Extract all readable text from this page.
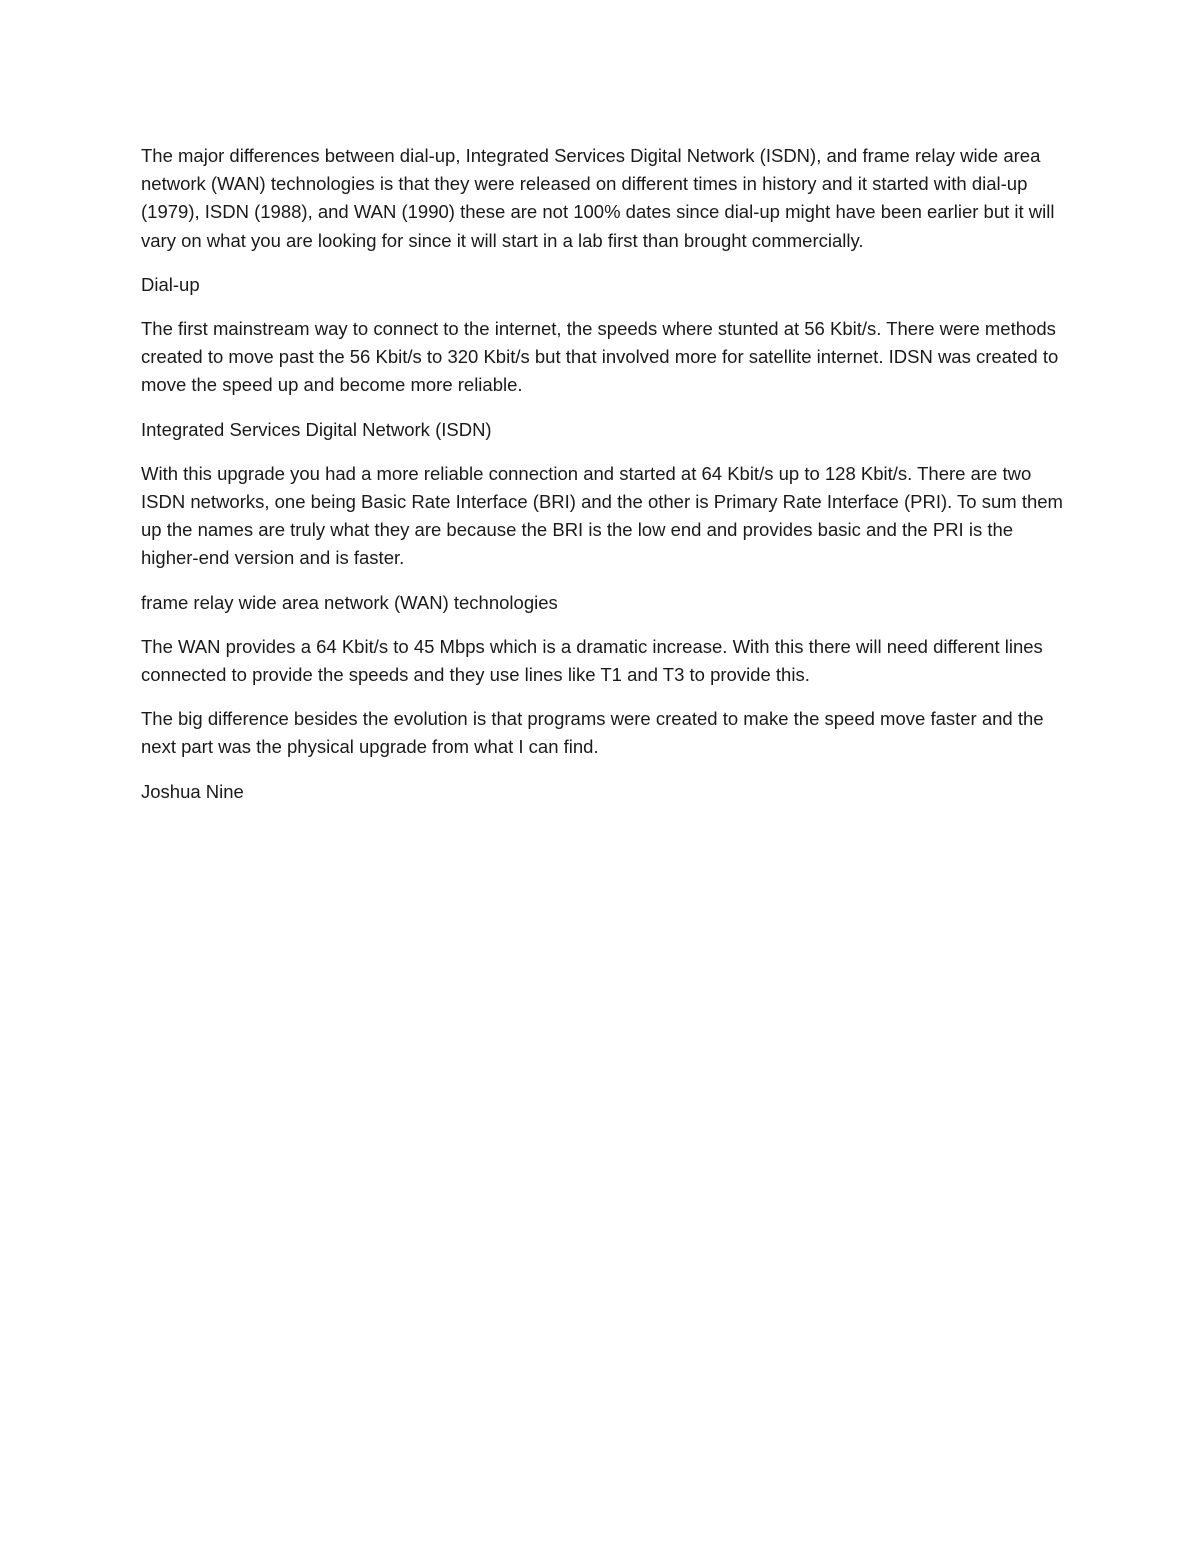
The major differences between dial-up, Integrated Services Digital Network (ISDN), and frame relay wide area network (WAN) technologies is that they were released on different times in history and it started with dial-up (1979), ISDN (1988), and WAN (1990) these are not 100% dates since dial-up might have been earlier but it will vary on what you are looking for since it will start in a lab first than brought commercially.

Dial-up

The first mainstream way to connect to the internet, the speeds where stunted at 56 Kbit/s. There were methods created to move past the 56 Kbit/s to 320 Kbit/s but that involved more for satellite internet. IDSN was created to move the speed up and become more reliable.

Integrated Services Digital Network (ISDN)

With this upgrade you had a more reliable connection and started at 64 Kbit/s up to 128 Kbit/s. There are two ISDN networks, one being Basic Rate Interface (BRI) and the other is Primary Rate Interface (PRI). To sum them up the names are truly what they are because the BRI is the low end and provides basic and the PRI is the higher-end version and is faster.

frame relay wide area network (WAN) technologies

The WAN provides a 64 Kbit/s to 45 Mbps which is a dramatic increase. With this there will need different lines connected to provide the speeds and they use lines like T1 and T3 to provide this.

The big difference besides the evolution is that programs were created to make the speed move faster and the next part was the physical upgrade from what I can find.

Joshua Nine
